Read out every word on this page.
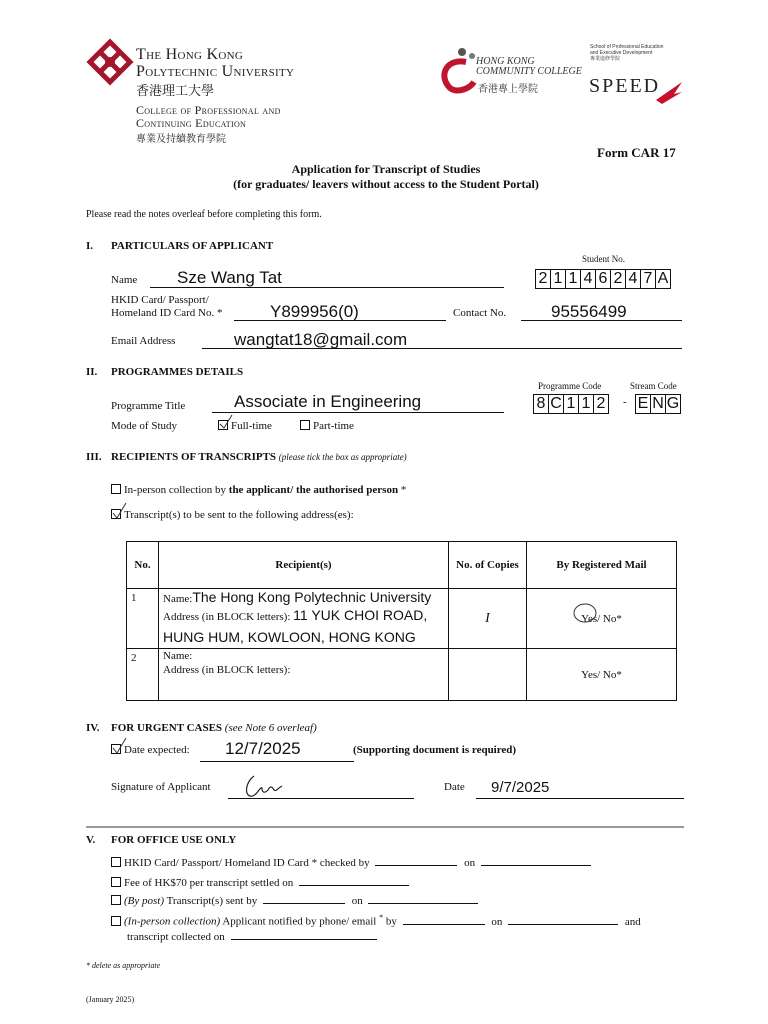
The Hong Kong
Polytechnic University
香港理工大學
College of Professional and
Continuing Education
專業及持續教育學院
HONG KONG
COMMUNITY COLLEGE
香港專上學院
School of Professional Education
and Executive Development
專業進修學院
SPEED
Form CAR 17
Application for Transcript of Studies
(for graduates/ leavers without access to the Student Portal)
Please read the notes overleaf before completing this form.
I. PARTICULARS OF APPLICANT
Student No.
2 1 1 4 6 2 4 7 A
Name Sze Wang Tat
HKID Card/ Passport/
Homeland ID Card No. *	Y899956(0)	Contact No.	95556499
Email Address	wangtat18@gmail.com
II. PROGRAMMES DETAILS
Programme Code	Stream Code
8 C 1 1 2	- E N G
Programme Title	Associate in Engineering
Mode of Study	Full-time	Part-time
III. RECIPIENTS OF TRANSCRIPTS (please tick the box as appropriate)
In-person collection by the applicant/ the authorised person *
Transcript(s) to be sent to the following address(es):
No.	Recipient(s)	No. of Copies	By Registered Mail
1	Name:The Hong Kong Polytechnic University
Address (in BLOCK letters): 11 YUK CHOI ROAD,
HUNG HUM, KOWLOON, HONG KONG	I	Yes/ No*

2	Name:
Address (in BLOCK letters):		Yes/ No*
IV. FOR URGENT CASES (see Note 6 overleaf)
Date expected: 12/7/2025	(Supporting document is required)
Signature of Applicant	Date 9/7/2025
V. FOR OFFICE USE ONLY
HKID Card/ Passport/ Homeland ID Card * checked by	on
Fee of HK$70 per transcript settled on
(By post) Transcript(s) sent by	on
(In-person collection) Applicant notified by phone/ email * by	on	and
transcript collected on
* delete as appropriate
(January 2025)
